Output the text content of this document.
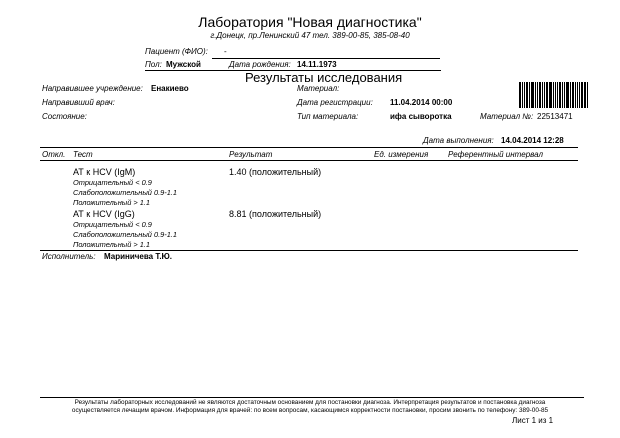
Лаборатория "Новая диагностика"
г.Донецк, пр.Ленинский 47 тел. 389-00-85, 385-08-40
Пациент (ФИО): -
Пол: Мужской	Дата рождения: 14.11.1973
Результаты исследования
Направившее учреждение: Енакиево
Направивший врач:
Состояние:
Материал:
Дата регистрации: 11.04.2014 00:00
Тип материала:	ифа сыворотка	Материал №: 22513471
Дата выполнения: 14.04.2014 12:28
Откл. Тест	Результат	Ед. измерения Референтный интервал
АТ к HCV (IgM)	1.40 (положительный)
Отрицательный < 0.9
Слабоположительный 0.9-1.1
Положительный > 1.1
АТ к HCV (IgG)	8.81 (положительный)
Отрицательный < 0.9
Слабоположительный 0.9-1.1
Положительный > 1.1
Исполнитель: Мариничева Т.Ю.
Результаты лабораторных исследований не являются достаточным основанием для постановки диагноза. Интерпретация результатов и постановка диагноза
осуществляется лечащим врачом. Информация для врачей: по всем вопросам, касающимся корректности постановки, просим звонить по телефону: 389-00-85
Лист 1 из 1
